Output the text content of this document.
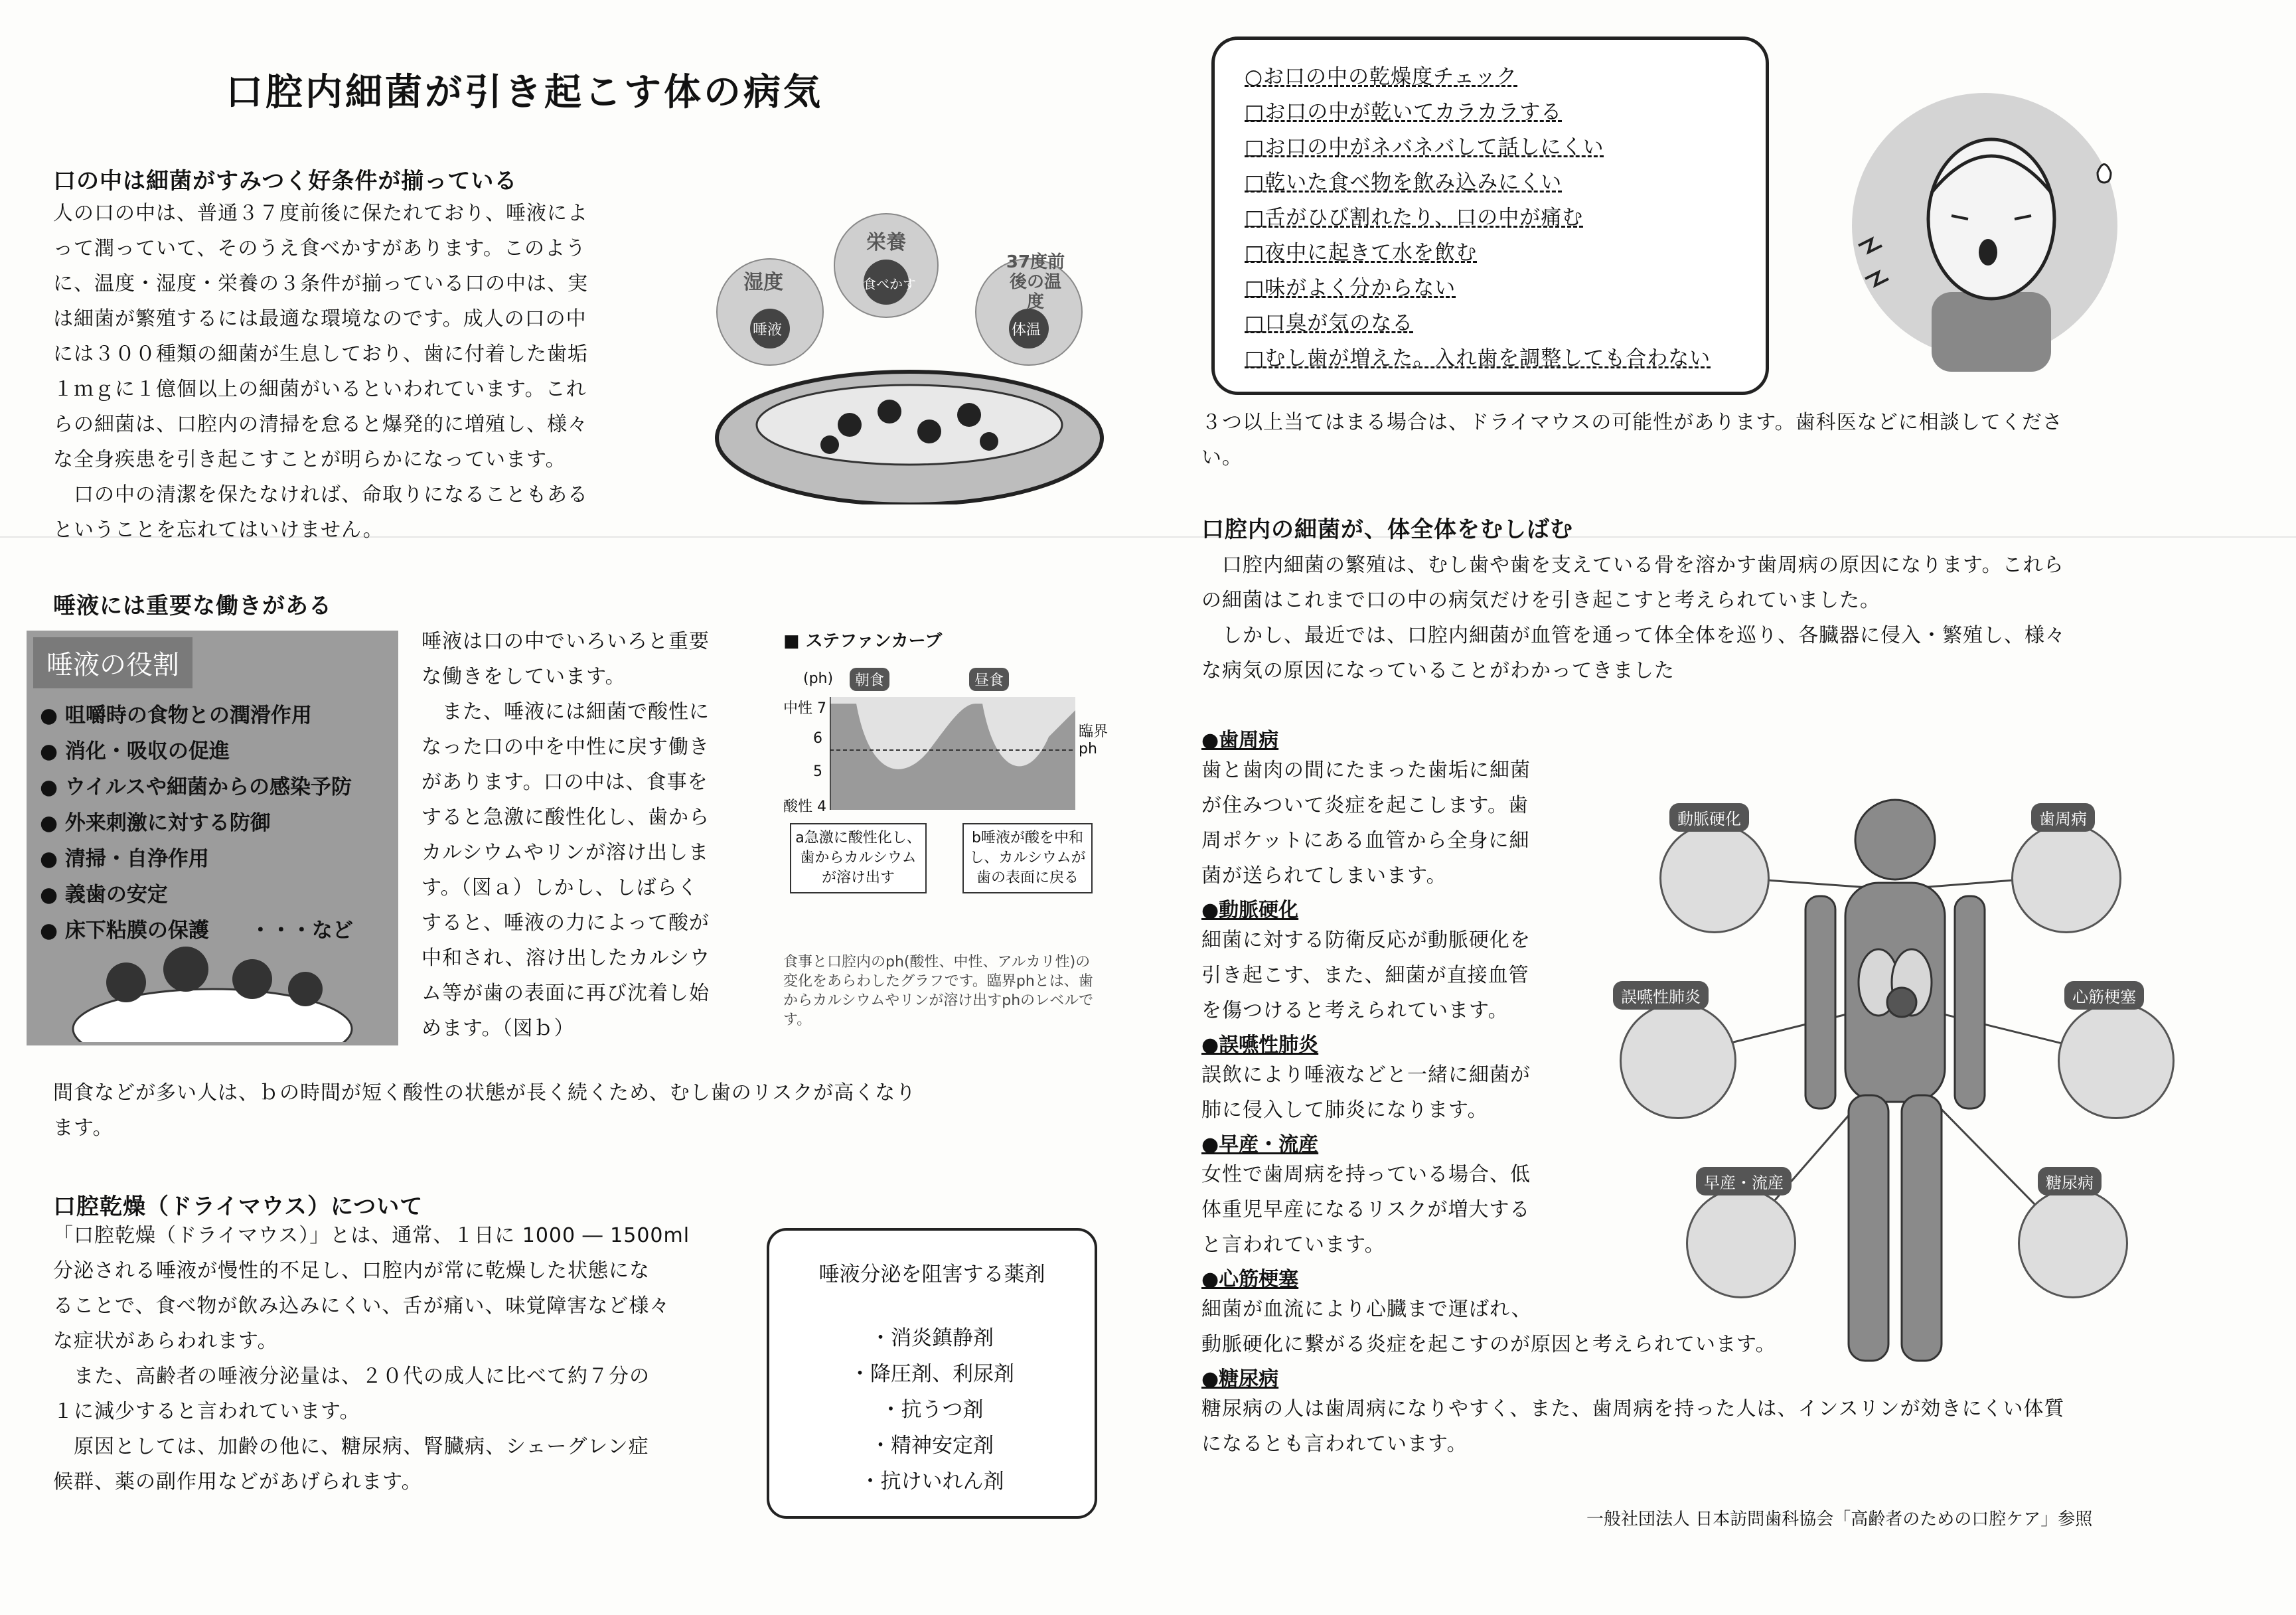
口腔内細菌が引き起こす体の病気
口の中は細菌がすみつく好条件が揃っている
人の口の中は、普通３７度前後に保たれており、唾液によ
って潤っていて、そのうえ食べかすがあります。このよう
に、温度・湿度・栄養の３条件が揃っている口の中は、実
は細菌が繁殖するには最適な環境なのです。成人の口の中
には３００種類の細菌が生息しており、歯に付着した歯垢
１ｍｇに１億個以上の細菌がいるといわれています。これ
らの細菌は、口腔内の清掃を怠ると爆発的に増殖し、様々
な全身疾患を引き起こすことが明らかになっています。
　口の中の清潔を保たなければ、命取りになることもある
ということを忘れてはいけません。
湿度
唾液
栄養
食べかす
37度前後の温度
体温
唾液には重要な働きがある
唾液の役割
● 咀嚼時の食物との潤滑作用
● 消化・吸収の促進
● ウイルスや細菌からの感染予防
● 外来刺激に対する防御
● 清掃・自浄作用
● 義歯の安定
● 床下粘膜の保護　　・・・など
唾液は口の中でいろいろと重要
な働きをしています。
　また、唾液には細菌で酸性に
なった口の中を中性に戻す働き
があります。口の中は、食事を
すると急激に酸性化し、歯から
カルシウムやリンが溶け出しま
す。（図ａ）しかし、しばらく
すると、唾液の力によって酸が
中和され、溶け出したカルシウ
ム等が歯の表面に再び沈着し始
めます。（図ｂ）
■ ステファンカーブ
(ph)	朝食	昼食
中性 7
6
5
酸性 4
臨界ph
a急激に酸性化し、歯からカルシウムが溶け出す
b唾液が酸を中和し、カルシウムが歯の表面に戻る
食事と口腔内のph(酸性、中性、アルカリ性)の変化をあらわしたグラフです。臨界phとは、歯からカルシウムやリンが溶け出すphのレベルです。
間食などが多い人は、ｂの時間が短く酸性の状態が長く続くため、むし歯のリスクが高くなり
ます。
口腔乾燥（ドライマウス）について
「口腔乾燥（ドライマウス）」とは、通常、１日に 1000 ― 1500ml
分泌される唾液が慢性的不足し、口腔内が常に乾燥した状態にな
ることで、食べ物が飲み込みにくい、舌が痛い、味覚障害など様々
な症状があらわれます。
　また、高齢者の唾液分泌量は、２０代の成人に比べて約７分の
１に減少すると言われています。
　原因としては、加齢の他に、糖尿病、腎臓病、シェーグレン症
候群、薬の副作用などがあげられます。
唾液分泌を阻害する薬剤
・消炎鎮静剤
・降圧剤、利尿剤
・抗うつ剤
・精神安定剤
・抗けいれん剤
○お口の中の乾燥度チェック
□お口の中が乾いてカラカラする
□お口の中がネバネバして話しにくい
□乾いた食べ物を飲み込みにくい
□舌がひび割れたり、口の中が痛む
□夜中に起きて水を飲む
□味がよく分からない
□口臭が気のなる
□むし歯が増えた。入れ歯を調整しても合わない
３つ以上当てはまる場合は、ドライマウスの可能性があります。歯科医などに相談してくださ
い。
口腔内の細菌が、体全体をむしばむ
　口腔内細菌の繁殖は、むし歯や歯を支えている骨を溶かす歯周病の原因になります。これら
の細菌はこれまで口の中の病気だけを引き起こすと考えられていました。
　しかし、最近では、口腔内細菌が血管を通って体全体を巡り、各臓器に侵入・繁殖し、様々
な病気の原因になっていることがわかってきました
●歯周病
歯と歯肉の間にたまった歯垢に細菌
が住みついて炎症を起こします。歯
周ポケットにある血管から全身に細
菌が送られてしまいます。
●動脈硬化
細菌に対する防衛反応が動脈硬化を
引き起こす、また、細菌が直接血管
を傷つけると考えられています。
●誤嚥性肺炎
誤飲により唾液などと一緒に細菌が
肺に侵入して肺炎になります。
●早産・流産
女性で歯周病を持っている場合、低
体重児早産になるリスクが増大する
と言われています。
●心筋梗塞
細菌が血流により心臓まで運ばれ、
動脈硬化に繋がる炎症を起こすのが原因と考えられています。
●糖尿病
糖尿病の人は歯周病になりやすく、また、歯周病を持った人は、インスリンが効きにくい体質
になるとも言われています。
動脈硬化	歯周病
誤嚥性肺炎	心筋梗塞
早産・流産	糖尿病
一般社団法人 日本訪問歯科協会「高齢者のための口腔ケア」参照
